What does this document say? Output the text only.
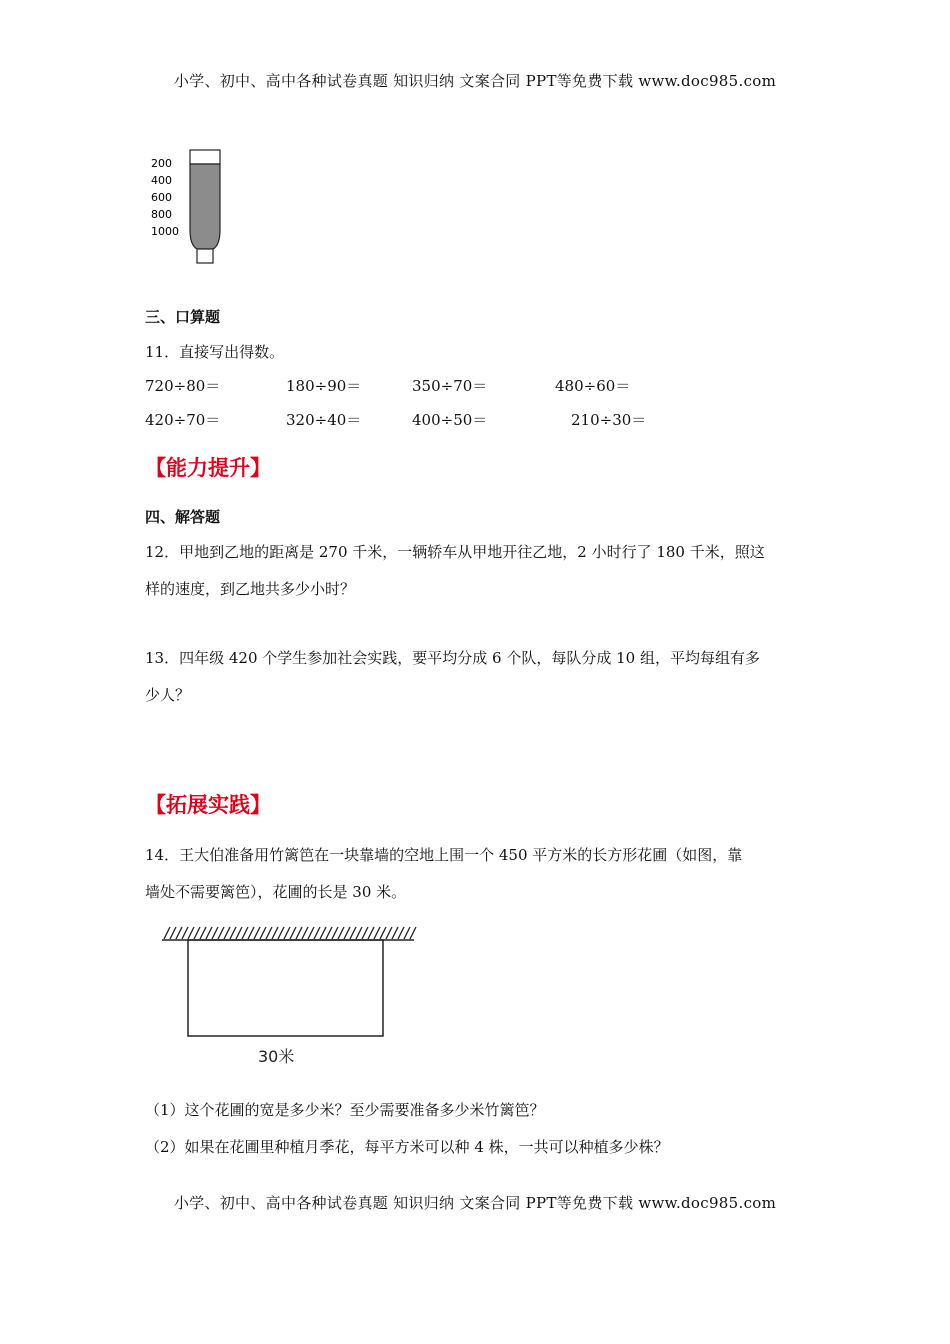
小学、初中、高中各种试卷真题 知识归纳 文案合同 PPT等免费下载 www.doc985.com
200
400
600
800
1000
三、口算题
11．直接写出得数。
720÷80＝	180÷90＝	350÷70＝	480÷60＝
420÷70＝	320÷40＝	400÷50＝	210÷30＝
【能力提升】
四、解答题
12．甲地到乙地的距离是 270 千米，一辆轿车从甲地开往乙地，2 小时行了 180 千米，照这
样的速度，到乙地共多少小时？
13．四年级 420 个学生参加社会实践，要平均分成 6 个队，每队分成 10 组，平均每组有多
少人？
【拓展实践】
14．王大伯准备用竹篱笆在一块靠墙的空地上围一个 450 平方米的长方形花圃（如图，靠
墙处不需要篱笆），花圃的长是 30 米。
30米
（1）这个花圃的宽是多少米？至少需要准备多少米竹篱笆？
（2）如果在花圃里种植月季花，每平方米可以种 4 株，一共可以种植多少株？
小学、初中、高中各种试卷真题 知识归纳 文案合同 PPT等免费下载 www.doc985.com
